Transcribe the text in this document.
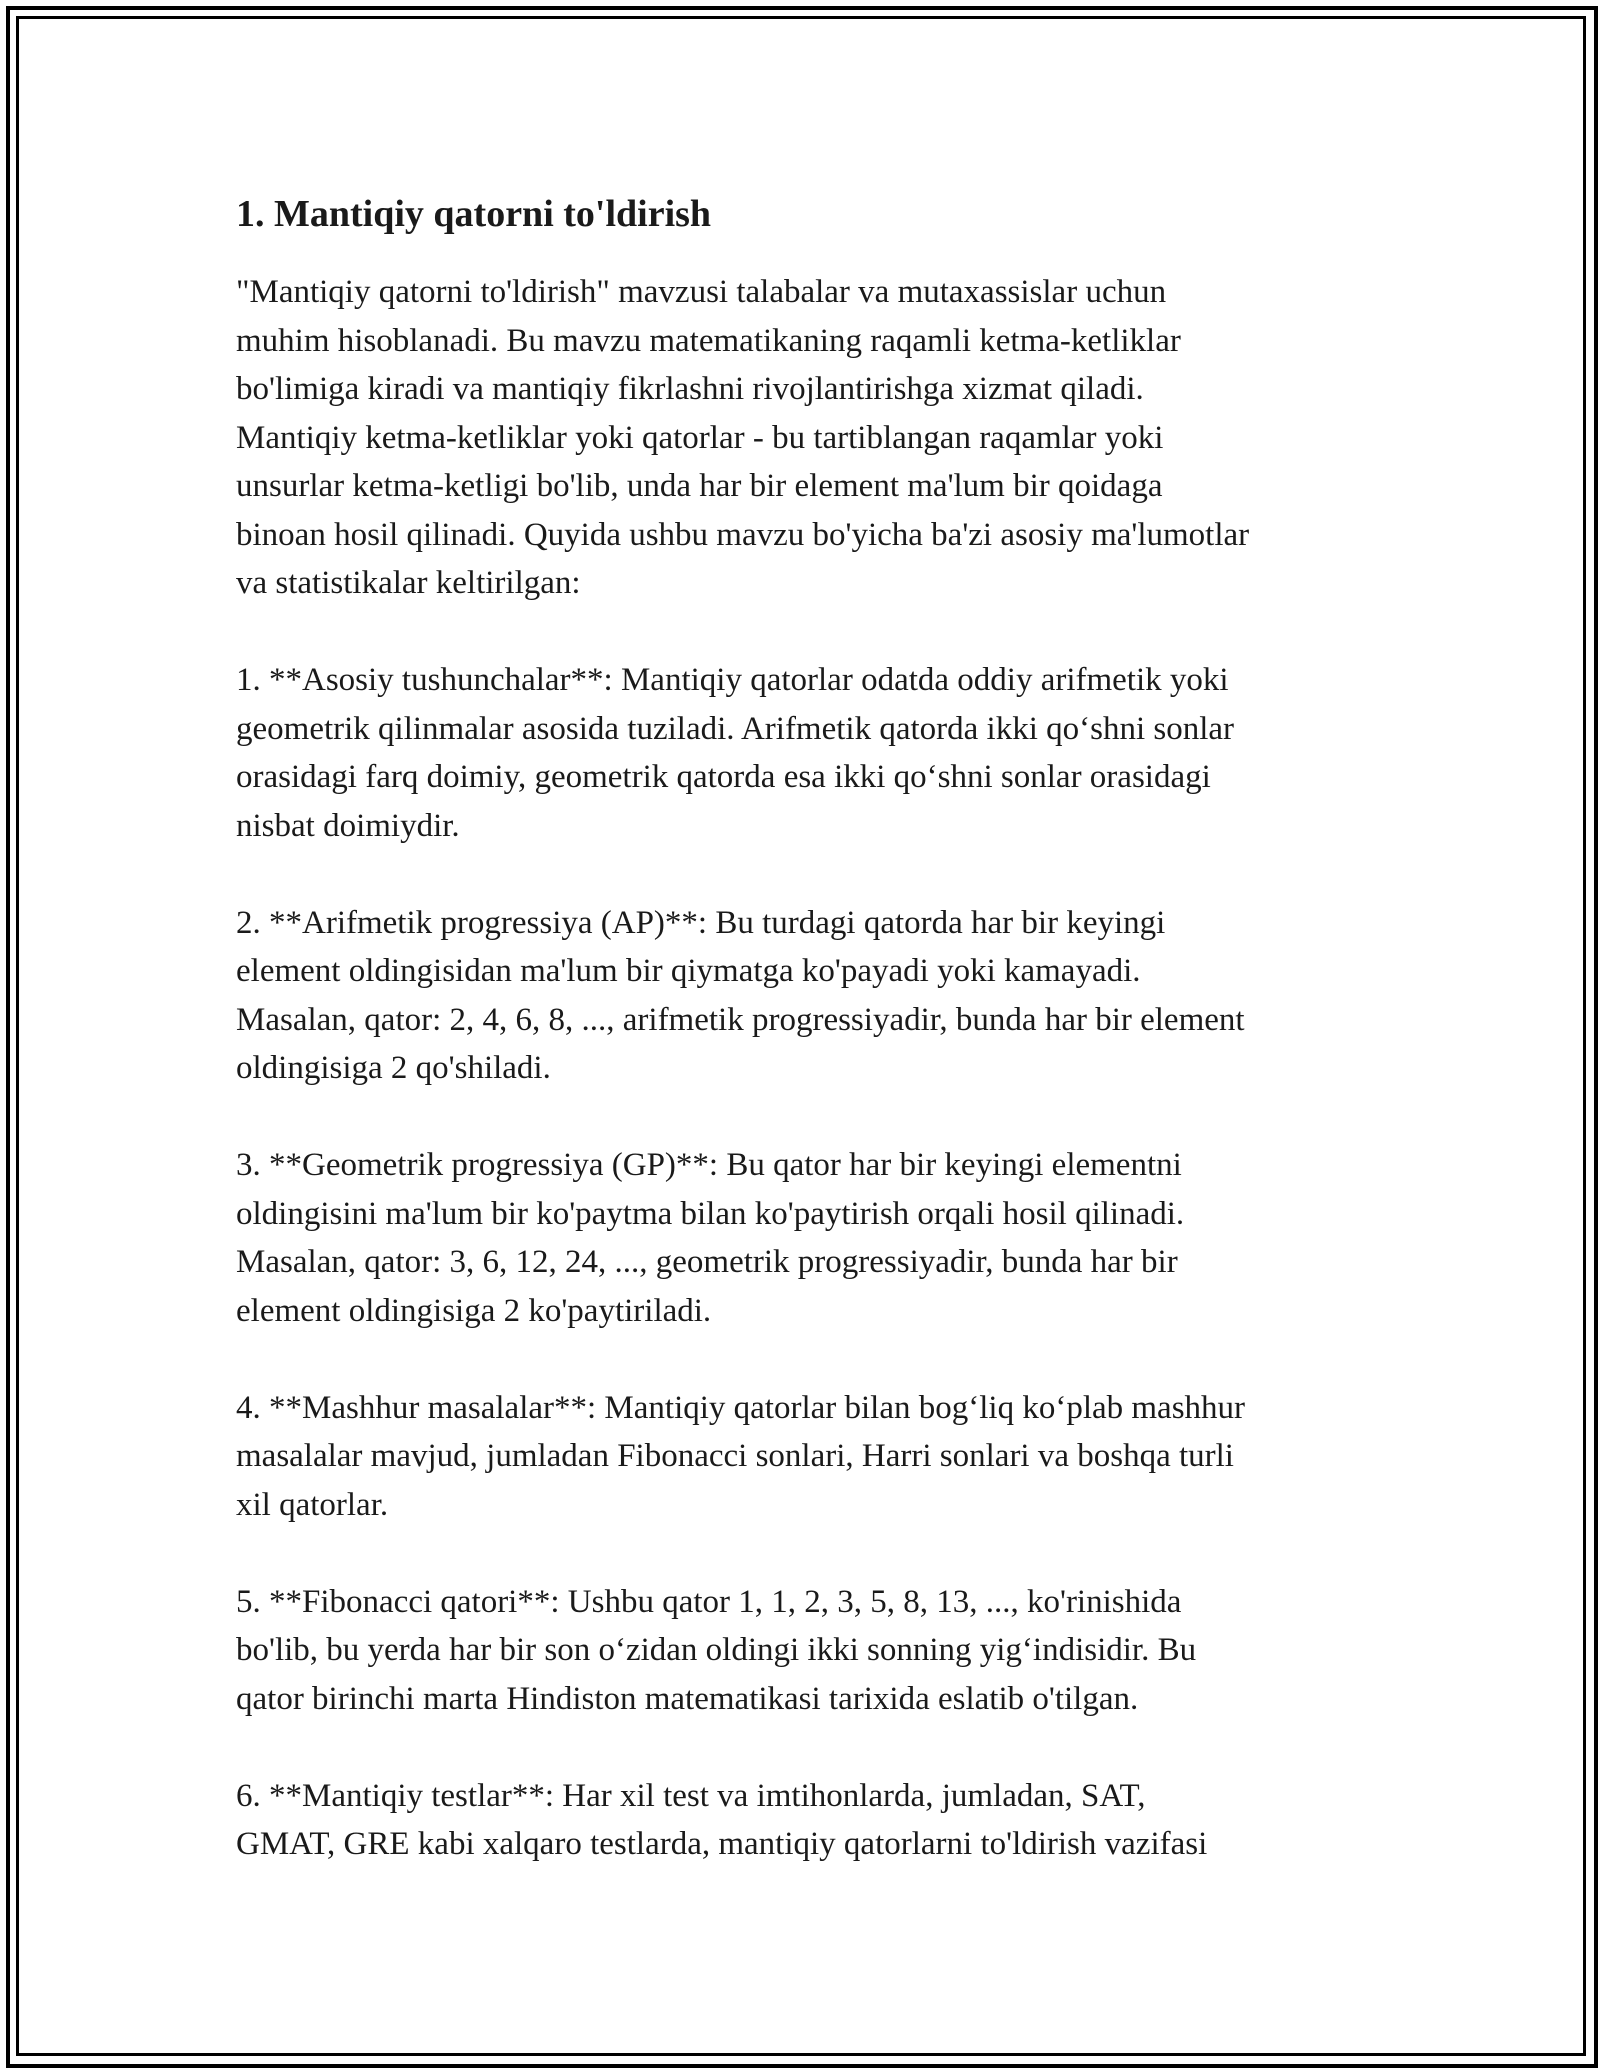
1. Mantiqiy qatorni to'ldirish

"Mantiqiy qatorni to'ldirish" mavzusi talabalar va mutaxassislar uchun
muhim hisoblanadi. Bu mavzu matematikaning raqamli ketma-ketliklar
bo'limiga kiradi va mantiqiy fikrlashni rivojlantirishga xizmat qiladi.
Mantiqiy ketma-ketliklar yoki qatorlar - bu tartiblangan raqamlar yoki
unsurlar ketma-ketligi bo'lib, unda har bir element ma'lum bir qoidaga
binoan hosil qilinadi. Quyida ushbu mavzu bo'yicha ba'zi asosiy ma'lumotlar
va statistikalar keltirilgan:

1. **Asosiy tushunchalar**: Mantiqiy qatorlar odatda oddiy arifmetik yoki
geometrik qilinmalar asosida tuziladi. Arifmetik qatorda ikki qo‘shni sonlar
orasidagi farq doimiy, geometrik qatorda esa ikki qo‘shni sonlar orasidagi
nisbat doimiydir.

2. **Arifmetik progressiya (AP)**: Bu turdagi qatorda har bir keyingi
element oldingisidan ma'lum bir qiymatga ko'payadi yoki kamayadi.
Masalan, qator: 2, 4, 6, 8, ..., arifmetik progressiyadir, bunda har bir element
oldingisiga 2 qo'shiladi.

3. **Geometrik progressiya (GP)**: Bu qator har bir keyingi elementni
oldingisini ma'lum bir ko'paytma bilan ko'paytirish orqali hosil qilinadi.
Masalan, qator: 3, 6, 12, 24, ..., geometrik progressiyadir, bunda har bir
element oldingisiga 2 ko'paytiriladi.

4. **Mashhur masalalar**: Mantiqiy qatorlar bilan bog‘liq ko‘plab mashhur
masalalar mavjud, jumladan Fibonacci sonlari, Harri sonlari va boshqa turli
xil qatorlar.

5. **Fibonacci qatori**: Ushbu qator 1, 1, 2, 3, 5, 8, 13, ..., ko'rinishida
bo'lib, bu yerda har bir son o‘zidan oldingi ikki sonning yig‘indisidir. Bu
qator birinchi marta Hindiston matematikasi tarixida eslatib o'tilgan.

6. **Mantiqiy testlar**: Har xil test va imtihonlarda, jumladan, SAT,
GMAT, GRE kabi xalqaro testlarda, mantiqiy qatorlarni to'ldirish vazifasi
